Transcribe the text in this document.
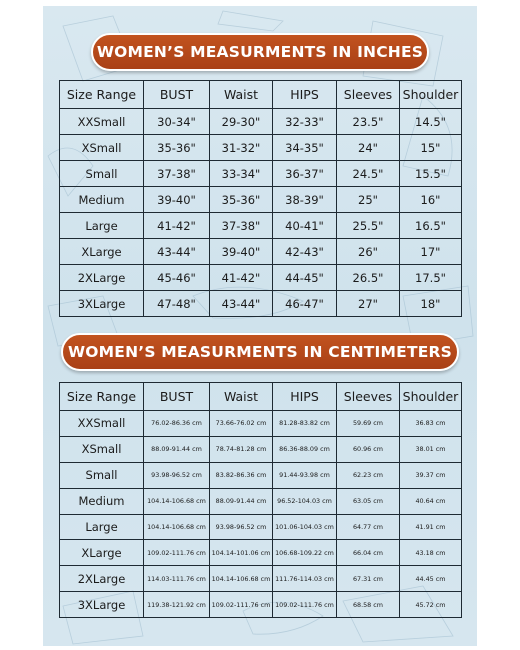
WOMEN’S MEASURMENTS IN INCHES
Size Range	BUST	Waist	HIPS	Sleeves	Shoulder
XXSmall	30-34"	29-30"	32-33"	23.5"	14.5"
XSmall	35-36"	31-32"	34-35"	24"	15"
Small	37-38"	33-34"	36-37"	24.5"	15.5"
Medium	39-40"	35-36"	38-39"	25"	16"
Large	41-42"	37-38"	40-41"	25.5"	16.5"
XLarge	43-44"	39-40"	42-43"	26"	17"
2XLarge	45-46"	41-42"	44-45"	26.5"	17.5"
3XLarge	47-48"	43-44"	46-47"	27"	18"
WOMEN’S MEASURMENTS IN CENTIMETERS
Size Range	BUST	Waist	HIPS	Sleeves	Shoulder
XXSmall	76.02-86.36 cm	73.66-76.02 cm	81.28-83.82 cm	59.69 cm	36.83 cm
XSmall	88.09-91.44 cm	78.74-81.28 cm	86.36-88.09 cm	60.96 cm	38.01 cm
Small	93.98-96.52 cm	83.82-86.36 cm	91.44-93.98 cm	62.23 cm	39.37 cm
Medium	104.14-106.68 cm	88.09-91.44 cm	96.52-104.03 cm	63.05 cm	40.64 cm
Large	104.14-106.68 cm	93.98-96.52 cm	101.06-104.03 cm	64.77 cm	41.91 cm
XLarge	109.02-111.76 cm	104.14-101.06 cm	106.68-109.22 cm	66.04 cm	43.18 cm
2XLarge	114.03-111.76 cm	104.14-106.68 cm	111.76-114.03 cm	67.31 cm	44.45 cm
3XLarge	119.38-121.92 cm	109.02-111.76 cm	109.02-111.76 cm	68.58 cm	45.72 cm
